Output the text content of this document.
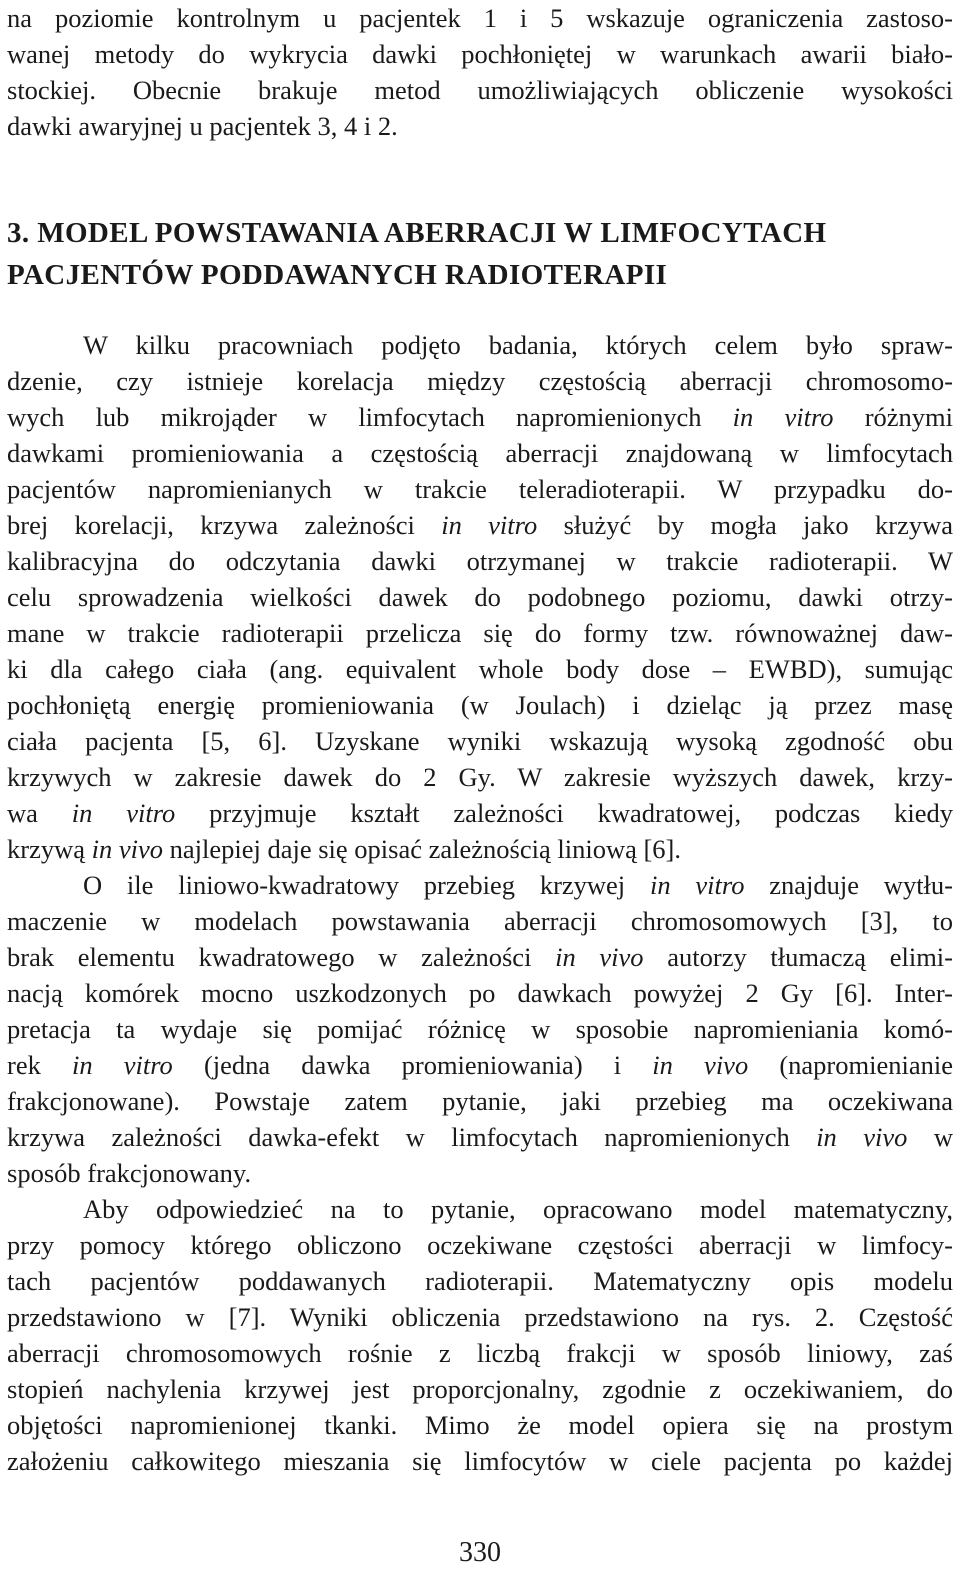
na poziomie kontrolnym u pacjentek 1 i 5 wskazuje ograniczenia zastoso-
wanej metody do wykrycia dawki pochłoniętej w warunkach awarii biało-
stockiej. Obecnie brakuje metod umożliwiających obliczenie wysokości
dawki awaryjnej u pacjentek 3, 4 i 2.
3. MODEL POWSTAWANIA ABERRACJI W LIMFOCYTACH
PACJENTÓW PODDAWANYCH RADIOTERAPII
W kilku pracowniach podjęto badania, których celem było spraw-
dzenie, czy istnieje korelacja między częstością aberracji chromosomo-
wych lub mikrojąder w limfocytach napromienionych in vitro różnymi
dawkami promieniowania a częstością aberracji znajdowaną w limfocytach
pacjentów napromienianych w trakcie teleradioterapii. W przypadku do-
brej korelacji, krzywa zależności in vitro służyć by mogła jako krzywa
kalibracyjna do odczytania dawki otrzymanej w trakcie radioterapii. W
celu sprowadzenia wielkości dawek do podobnego poziomu, dawki otrzy-
mane w trakcie radioterapii przelicza się do formy tzw. równoważnej daw-
ki dla całego ciała (ang. equivalent whole body dose – EWBD), sumując
pochłoniętą energię promieniowania (w Joulach) i dzieląc ją przez masę
ciała pacjenta [5, 6]. Uzyskane wyniki wskazują wysoką zgodność obu
krzywych w zakresie dawek do 2 Gy. W zakresie wyższych dawek, krzy-
wa in vitro przyjmuje kształt zależności kwadratowej, podczas kiedy
krzywą in vivo najlepiej daje się opisać zależnością liniową [6].
O ile liniowo-kwadratowy przebieg krzywej in vitro znajduje wytłu-
maczenie w modelach powstawania aberracji chromosomowych [3], to
brak elementu kwadratowego w zależności in vivo autorzy tłumaczą elimi-
nacją komórek mocno uszkodzonych po dawkach powyżej 2 Gy [6]. Inter-
pretacja ta wydaje się pomijać różnicę w sposobie napromieniania komó-
rek in vitro (jedna dawka promieniowania) i in vivo (napromienianie
frakcjonowane). Powstaje zatem pytanie, jaki przebieg ma oczekiwana
krzywa zależności dawka-efekt w limfocytach napromienionych in vivo w
sposób frakcjonowany.
Aby odpowiedzieć na to pytanie, opracowano model matematyczny,
przy pomocy którego obliczono oczekiwane częstości aberracji w limfocy-
tach pacjentów poddawanych radioterapii. Matematyczny opis modelu
przedstawiono w [7]. Wyniki obliczenia przedstawiono na rys. 2. Częstość
aberracji chromosomowych rośnie z liczbą frakcji w sposób liniowy, zaś
stopień nachylenia krzywej jest proporcjonalny, zgodnie z oczekiwaniem, do
objętości napromienionej tkanki. Mimo że model opiera się na prostym
założeniu całkowitego mieszania się limfocytów w ciele pacjenta po każdej
330
